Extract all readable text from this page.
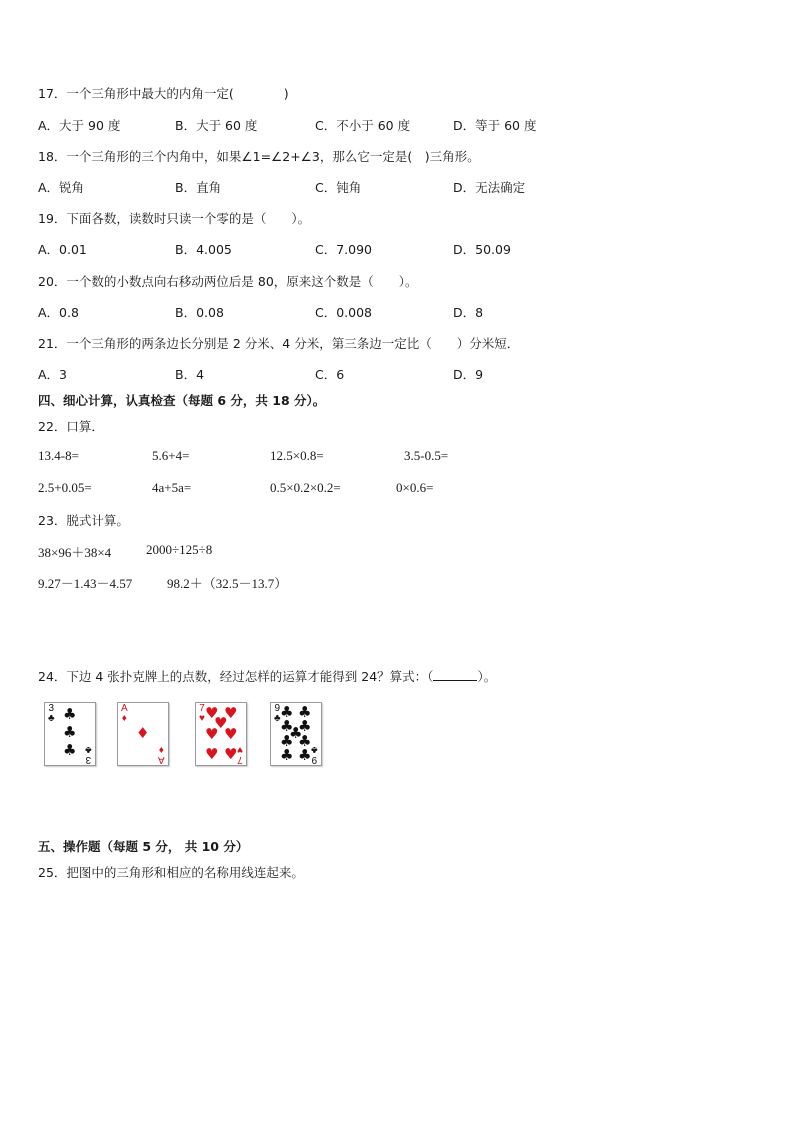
17．一个三角形中最大的内角一定(　　　　)
A．大于 90 度	B．大于 60 度	C．不小于 60 度	D．等于 60 度
18．一个三角形的三个内角中，如果∠1=∠2+∠3，那么它一定是(　)三角形。
A．锐角	B．直角	C．钝角	D．无法确定
19．下面各数，读数时只读一个零的是（　　）。
A．0.01	B．4.005	C．7.090	D．50.09
20．一个数的小数点向右移动两位后是 80，原来这个数是（　　）。
A．0.8	B．0.08	C．0.008	D．8
21．一个三角形的两条边长分别是 2 分米、4 分米，第三条边一定比（　　）分米短．
A．3	B．4	C．6	D．9
四、细心计算，认真检查（每题 6 分，共 18 分）。
22．口算．
13.4-8=	5.6+4=	12.5×0.8=	3.5-0.5=
2.5+0.05=	4a+5a=	0.5×0.2×0.2=	0×0.6=
23．脱式计算。
38×96＋38×4	2000÷125÷8
9.27－1.43－4.57	98.2＋（32.5－13.7）
24．下边 4 张扑克牌上的点数，经过怎样的运算才能得到 24？算式：（	）。
3
♣ ♣
♣
♣
3
♣
A
♦
♦
A
♦
7
♥ ♥ ♥
♥
♥ ♥
♥ ♥ 7
♥
9
♣ ♣ ♣
♣ ♣
♣
♣ ♣
♣ ♣ 9
♣
五、操作题（每题 5 分， 共 10 分）
25．把图中的三角形和相应的名称用线连起来。
